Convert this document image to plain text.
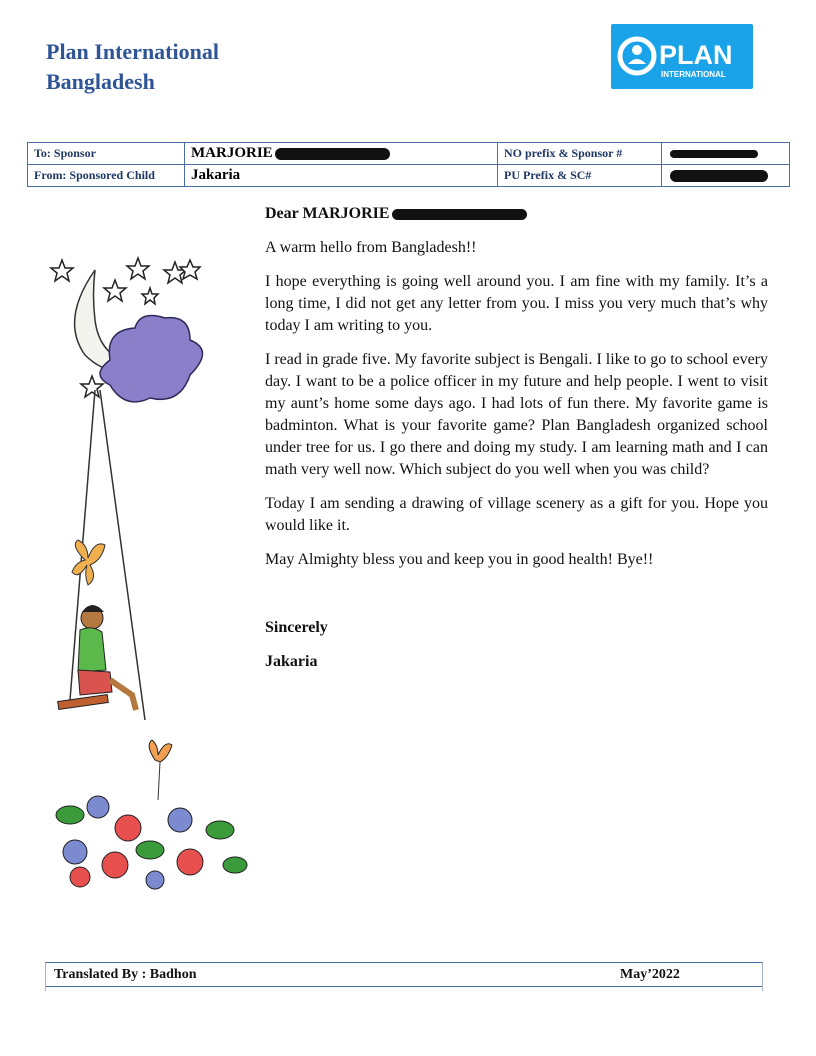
Plan International
Bangladesh
PLAN
INTERNATIONAL
To: Sponsor	MARJORIE	NO prefix & Sponsor #	
From: Sponsored Child	Jakaria	PU Prefix & SC#	

Dear MARJORIE

A warm hello from Bangladesh!!

I hope everything is going well around you. I am fine with my family. It’s a long time, I did not get any letter from you. I miss you very much that’s why today I am writing to you.

I read in grade five. My favorite subject is Bengali. I like to go to school every day. I want to be a police officer in my future and help people. I went to visit my aunt’s home some days ago. I had lots of fun there. My favorite game is badminton. What is your favorite game? Plan Bangladesh organized school under tree for us. I go there and doing my study. I am learning math and I can math very well now. Which subject do you well when you was child?

Today I am sending a drawing of village scenery as a gift for you. Hope you would like it.

May Almighty bless you and keep you in good health! Bye!!

Sincerely

Jakaria

Translated By : Badhon	May’2022
